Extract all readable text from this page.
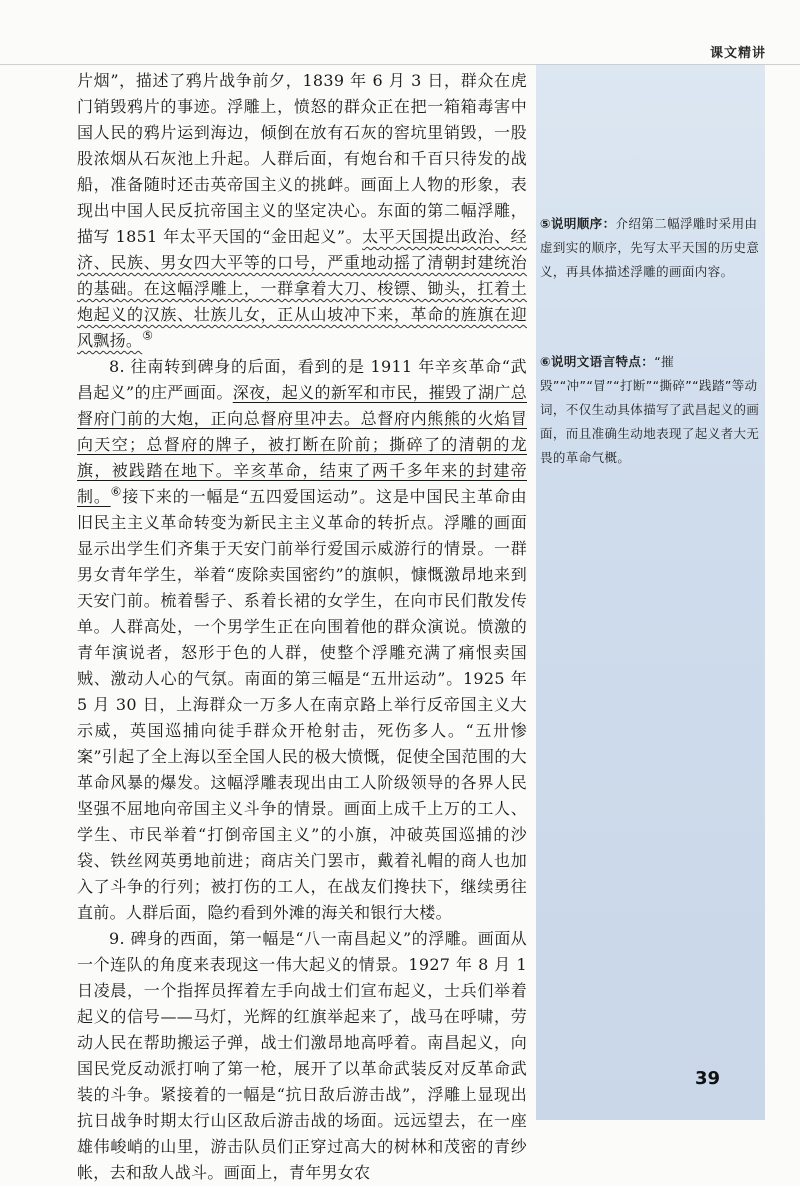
课文精讲

片烟”，描述了鸦片战争前夕，1839 年 6 月 3 日，群众在虎门销毁鸦片的事迹。浮雕上，愤怒的群众正在把一箱箱毒害中国人民的鸦片运到海边，倾倒在放有石灰的窖坑里销毁，一股股浓烟从石灰池上升起。人群后面，有炮台和千百只待发的战船，准备随时还击英帝国主义的挑衅。画面上人物的形象，表现出中国人民反抗帝国主义的坚定决心。东面的第二幅浮雕，描写 1851 年太平天国的“金田起义”。太平天国提出政治、经济、民族、男女四大平等的口号，严重地动摇了清朝封建统治的基础。在这幅浮雕上，一群拿着大刀、梭镖、锄头，扛着土炮起义的汉族、壮族儿女，正从山坡冲下来，革命的旌旗在迎风飘扬。⑤

8. 往南转到碑身的后面，看到的是 1911 年辛亥革命“武昌起义”的庄严画面。深夜，起义的新军和市民，摧毁了湖广总督府门前的大炮，正向总督府里冲去。总督府内熊熊的火焰冒向天空；总督府的牌子，被打断在阶前；撕碎了的清朝的龙旗，被践踏在地下。辛亥革命，结束了两千多年来的封建帝制。⑥接下来的一幅是“五四爱国运动”。这是中国民主革命由旧民主主义革命转变为新民主主义革命的转折点。浮雕的画面显示出学生们齐集于天安门前举行爱国示威游行的情景。一群男女青年学生，举着“废除卖国密约”的旗帜，慷慨激昂地来到天安门前。梳着髻子、系着长裙的女学生，在向市民们散发传单。人群高处，一个男学生正在向围着他的群众演说。愤激的青年演说者，怒形于色的人群，使整个浮雕充满了痛恨卖国贼、激动人心的气氛。南面的第三幅是“五卅运动”。1925 年 5 月 30 日，上海群众一万多人在南京路上举行反帝国主义大示威，英国巡捕向徒手群众开枪射击，死伤多人。“五卅惨案”引起了全上海以至全国人民的极大愤慨，促使全国范围的大革命风暴的爆发。这幅浮雕表现出由工人阶级领导的各界人民坚强不屈地向帝国主义斗争的情景。画面上成千上万的工人、学生、市民举着“打倒帝国主义”的小旗，冲破英国巡捕的沙袋、铁丝网英勇地前进；商店关门罢市，戴着礼帽的商人也加入了斗争的行列；被打伤的工人，在战友们搀扶下，继续勇往直前。人群后面，隐约看到外滩的海关和银行大楼。

9. 碑身的西面，第一幅是“八一南昌起义”的浮雕。画面从一个连队的角度来表现这一伟大起义的情景。1927 年 8 月 1 日凌晨，一个指挥员挥着左手向战士们宣布起义，士兵们举着起义的信号——马灯，光辉的红旗举起来了，战马在呼啸，劳动人民在帮助搬运子弹，战士们激昂地高呼着。南昌起义，向国民党反动派打响了第一枪，展开了以革命武装反对反革命武装的斗争。紧接着的一幅是“抗日敌后游击战”，浮雕上显现出抗日战争时期太行山区敌后游击战的场面。远远望去，在一座雄伟峻峭的山里，游击队员们正穿过高大的树林和茂密的青纱帐，去和敌人战斗。画面上，青年男女农

⑤说明顺序：介绍第二幅浮雕时采用由虚到实的顺序，先写太平天国的历史意义，再具体描述浮雕的画面内容。
⑥说明文语言特点：“摧毁”“冲”“冒”“打断”“撕碎”“践踏”等动词，不仅生动具体描写了武昌起义的画面，而且准确生动地表现了起义者大无畏的革命气概。
39
